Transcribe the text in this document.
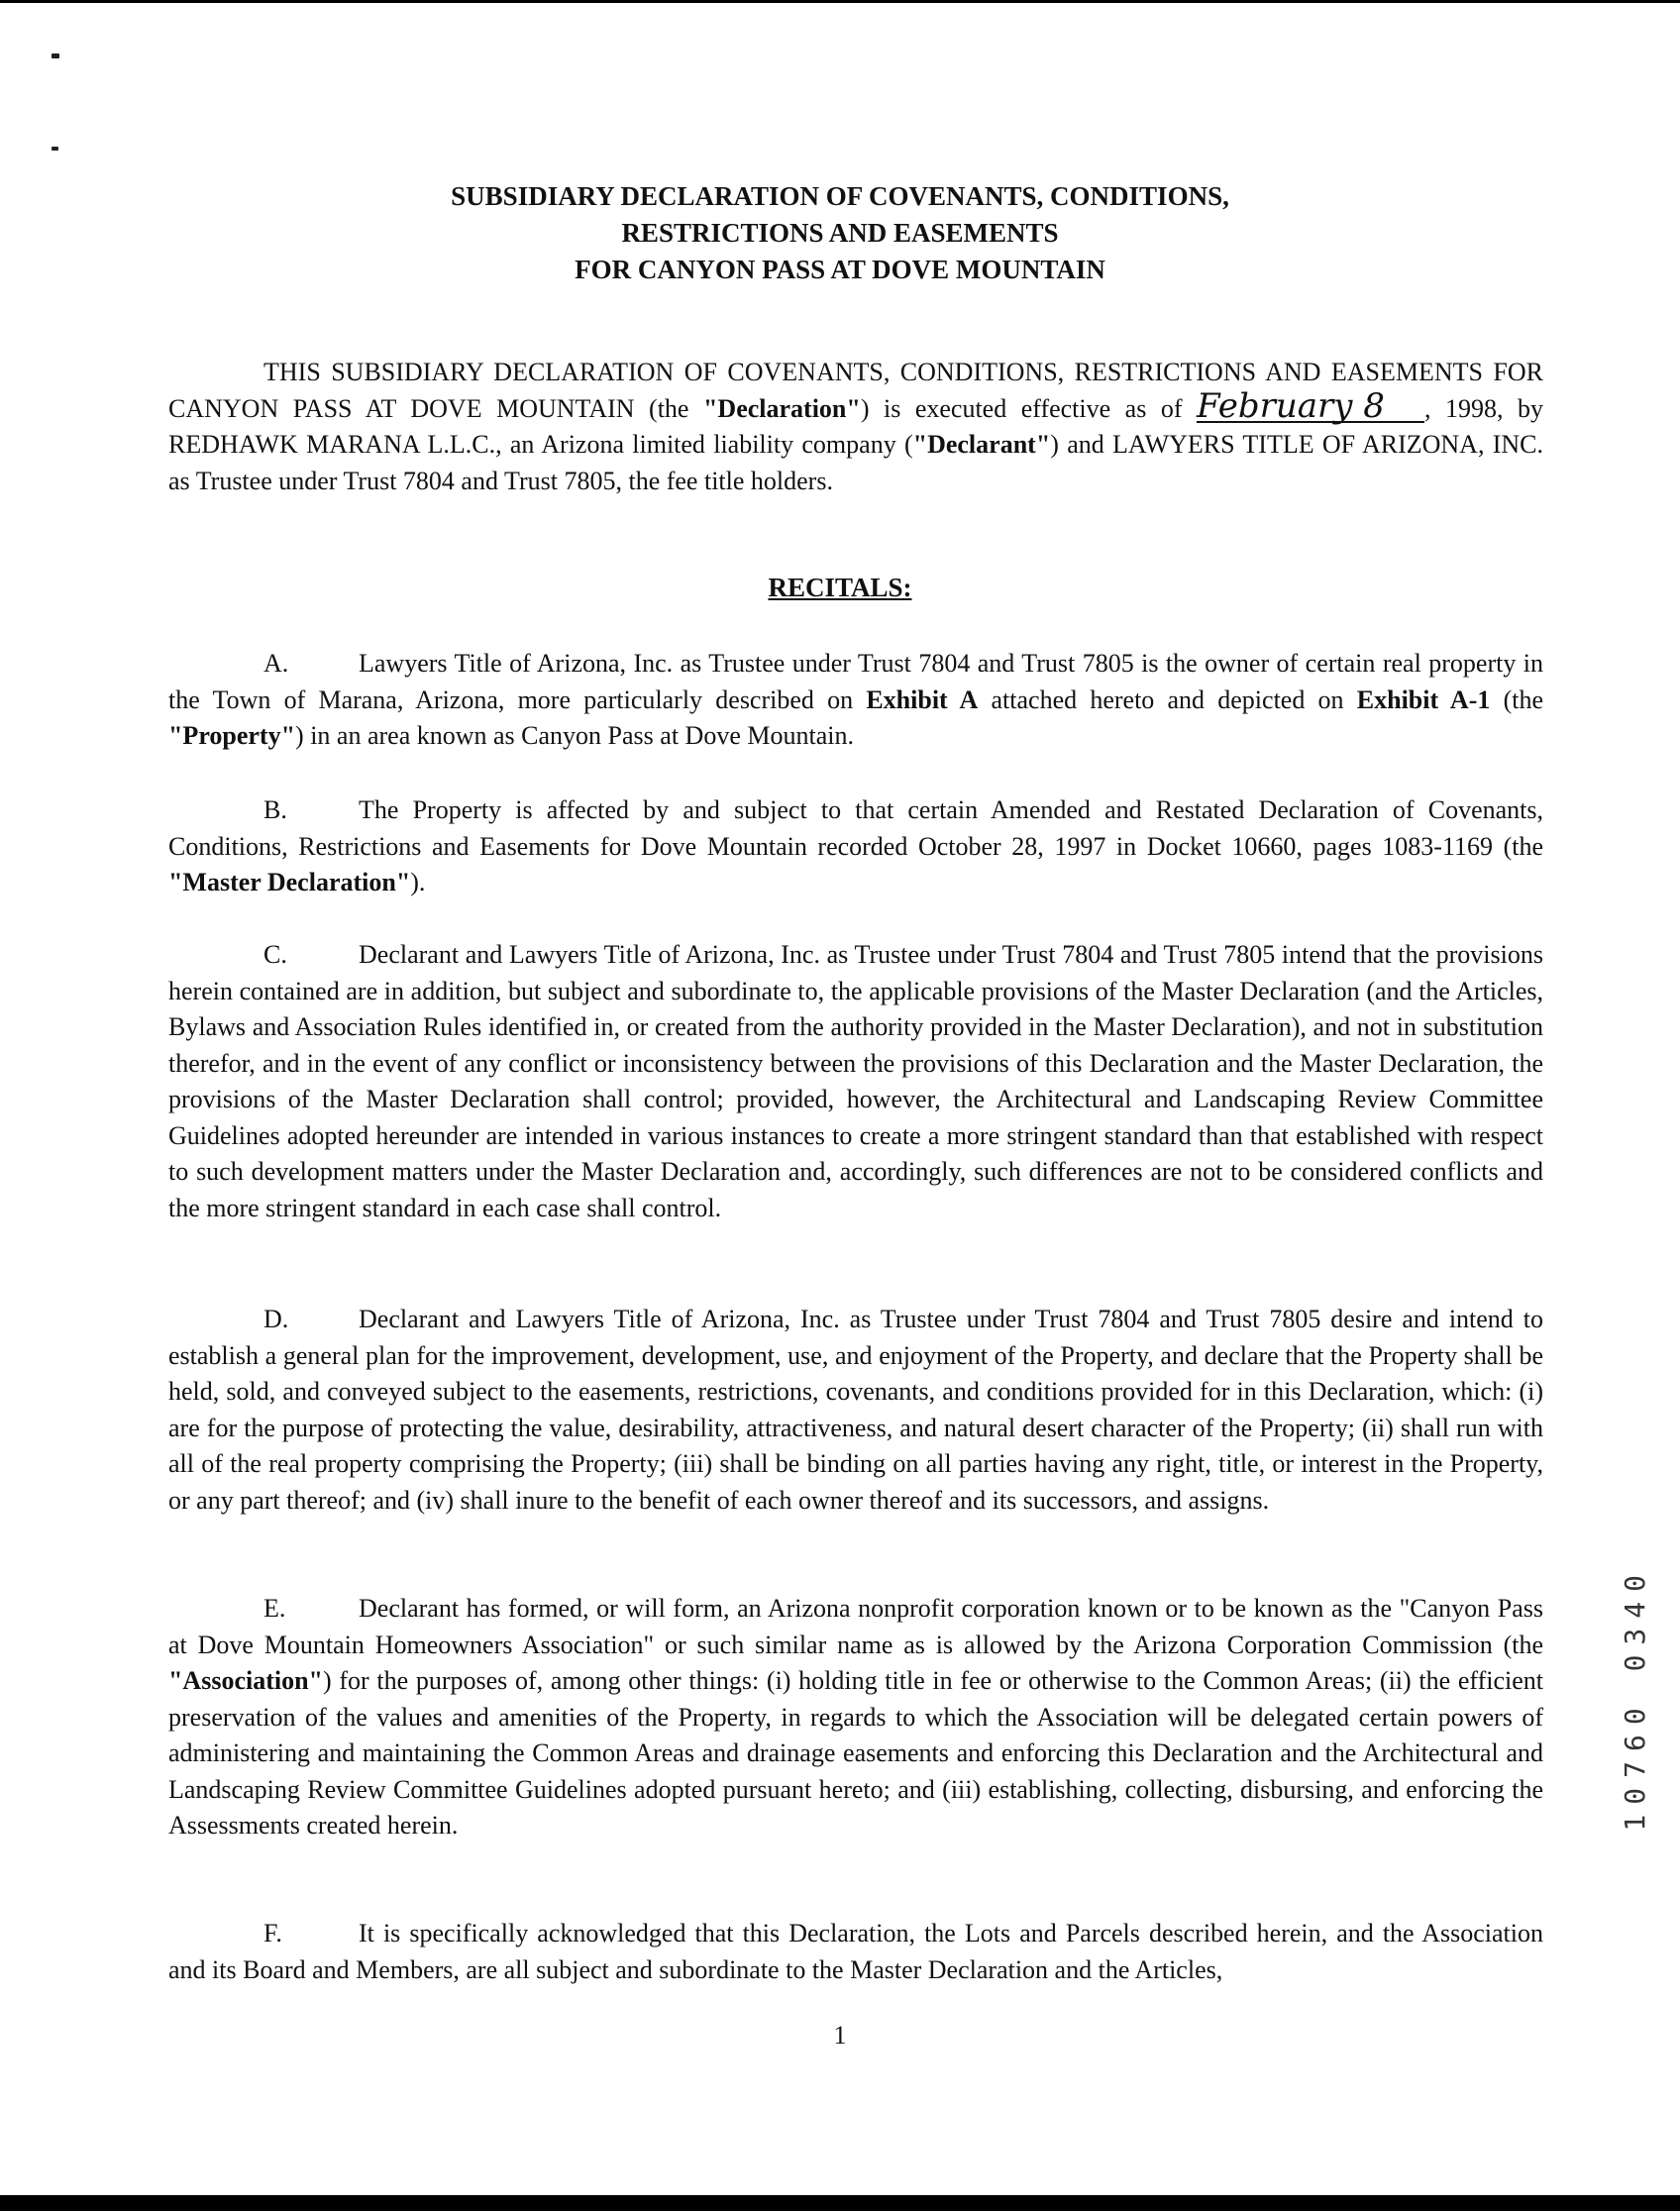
SUBSIDIARY DECLARATION OF COVENANTS, CONDITIONS,
RESTRICTIONS AND EASEMENTS
FOR CANYON PASS AT DOVE MOUNTAIN

THIS SUBSIDIARY DECLARATION OF COVENANTS, CONDITIONS, RESTRICTIONS AND EASEMENTS FOR CANYON PASS AT DOVE MOUNTAIN (the "Declaration") is executed effective as of February 8 , 1998, by REDHAWK MARANA L.L.C., an Arizona limited liability company ("Declarant") and LAWYERS TITLE OF ARIZONA, INC. as Trustee under Trust 7804 and Trust 7805, the fee title holders.

RECITALS:

A.	Lawyers Title of Arizona, Inc. as Trustee under Trust 7804 and Trust 7805 is the owner of certain real property in the Town of Marana, Arizona, more particularly described on Exhibit A attached hereto and depicted on Exhibit A-1 (the "Property") in an area known as Canyon Pass at Dove Mountain.

B.	The Property is affected by and subject to that certain Amended and Restated Declaration of Covenants, Conditions, Restrictions and Easements for Dove Mountain recorded October 28, 1997 in Docket 10660, pages 1083-1169 (the "Master Declaration").

C.	Declarant and Lawyers Title of Arizona, Inc. as Trustee under Trust 7804 and Trust 7805 intend that the provisions herein contained are in addition, but subject and subordinate to, the applicable provisions of the Master Declaration (and the Articles, Bylaws and Association Rules identified in, or created from the authority provided in the Master Declaration), and not in substitution therefor, and in the event of any conflict or inconsistency between the provisions of this Declaration and the Master Declaration, the provisions of the Master Declaration shall control; provided, however, the Architectural and Landscaping Review Committee Guidelines adopted hereunder are intended in various instances to create a more stringent standard than that established with respect to such development matters under the Master Declaration and, accordingly, such differences are not to be considered conflicts and the more stringent standard in each case shall control.

D.	Declarant and Lawyers Title of Arizona, Inc. as Trustee under Trust 7804 and Trust 7805 desire and intend to establish a general plan for the improvement, development, use, and enjoyment of the Property, and declare that the Property shall be held, sold, and conveyed subject to the easements, restrictions, covenants, and conditions provided for in this Declaration, which: (i) are for the purpose of protecting the value, desirability, attractiveness, and natural desert character of the Property; (ii) shall run with all of the real property comprising the Property; (iii) shall be binding on all parties having any right, title, or interest in the Property, or any part thereof; and (iv) shall inure to the benefit of each owner thereof and its successors, and assigns.

E.	Declarant has formed, or will form, an Arizona nonprofit corporation known or to be known as the "Canyon Pass at Dove Mountain Homeowners Association" or such similar name as is allowed by the Arizona Corporation Commission (the "Association") for the purposes of, among other things: (i) holding title in fee or otherwise to the Common Areas; (ii) the efficient preservation of the values and amenities of the Property, in regards to which the Association will be delegated certain powers of administering and maintaining the Common Areas and drainage easements and enforcing this Declaration and the Architectural and Landscaping Review Committee Guidelines adopted pursuant hereto; and (iii) establishing, collecting, disbursing, and enforcing the Assessments created herein.

F.	It is specifically acknowledged that this Declaration, the Lots and Parcels described herein, and the Association and its Board and Members, are all subject and subordinate to the Master Declaration and the Articles,

10760 0340
1
